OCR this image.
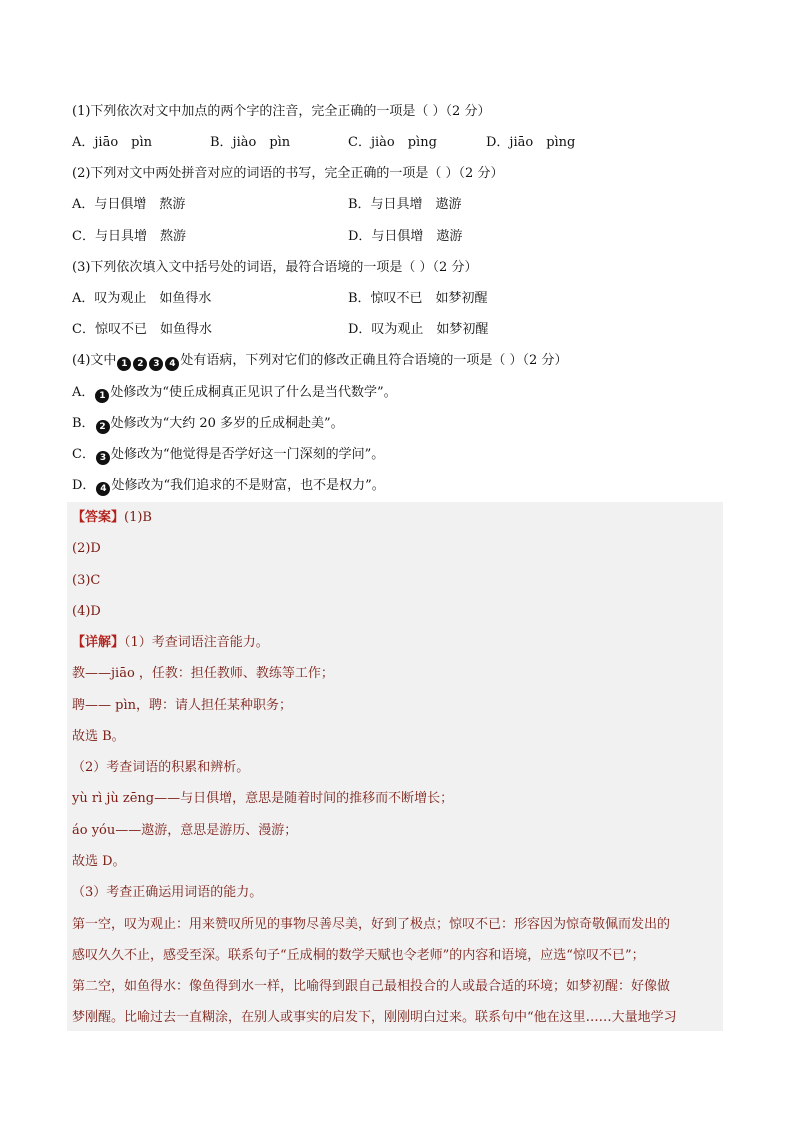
(1)下列依次对文中加点的两个字的注音，完全正确的一项是（ ）（2 分）
A．jiāo　pìn	B．jiào　pìn	C．jiào　pìng	D．jiāo　pìng
(2)下列对文中两处拼音对应的词语的书写，完全正确的一项是（ ）（2 分）
A．与日俱增　熬游	B．与日具增　遨游
C．与日具增　熬游	D．与日俱增　遨游
(3)下列依次填入文中括号处的词语，最符合语境的一项是（ ）（2 分）
A．叹为观止　如鱼得水	B．惊叹不已　如梦初醒
C．惊叹不已　如鱼得水	D．叹为观止　如梦初醒
(4)文中 1 2 3 4 处有语病，下列对它们的修改正确且符合语境的一项是（ ）（2 分）
A． 1 处修改为“使丘成桐真正见识了什么是当代数学”。
B． 2 处修改为“大约 20 多岁的丘成桐赴美”。
C． 3 处修改为“他觉得是否学好这一门深刻的学问”。
D． 4 处修改为“我们追求的不是财富，也不是权力”。
【答案】(1)B
(2)D
(3)C
(4)D
【详解】（1）考查词语注音能力。
教——jiāo ，任教：担任教师、教练等工作；
聘—— pìn，聘：请人担任某种职务；
故选 B。
（2）考查词语的积累和辨析。
yù rì jù zēng——与日俱增，意思是随着时间的推移而不断增长；
áo yóu——遨游，意思是游历、漫游；
故选 D。
（3）考查正确运用词语的能力。
第一空，叹为观止：用来赞叹所见的事物尽善尽美，好到了极点；惊叹不已：形容因为惊奇敬佩而发出的
感叹久久不止，感受至深。联系句子“丘成桐的数学天赋也令老师”的内容和语境，应选“惊叹不已”；
第二空，如鱼得水：像鱼得到水一样，比喻得到跟自己最相投合的人或最合适的环境；如梦初醒：好像做
梦刚醒。比喻过去一直糊涂，在别人或事实的启发下，刚刚明白过来。联系句中“他在这里……大量地学习
